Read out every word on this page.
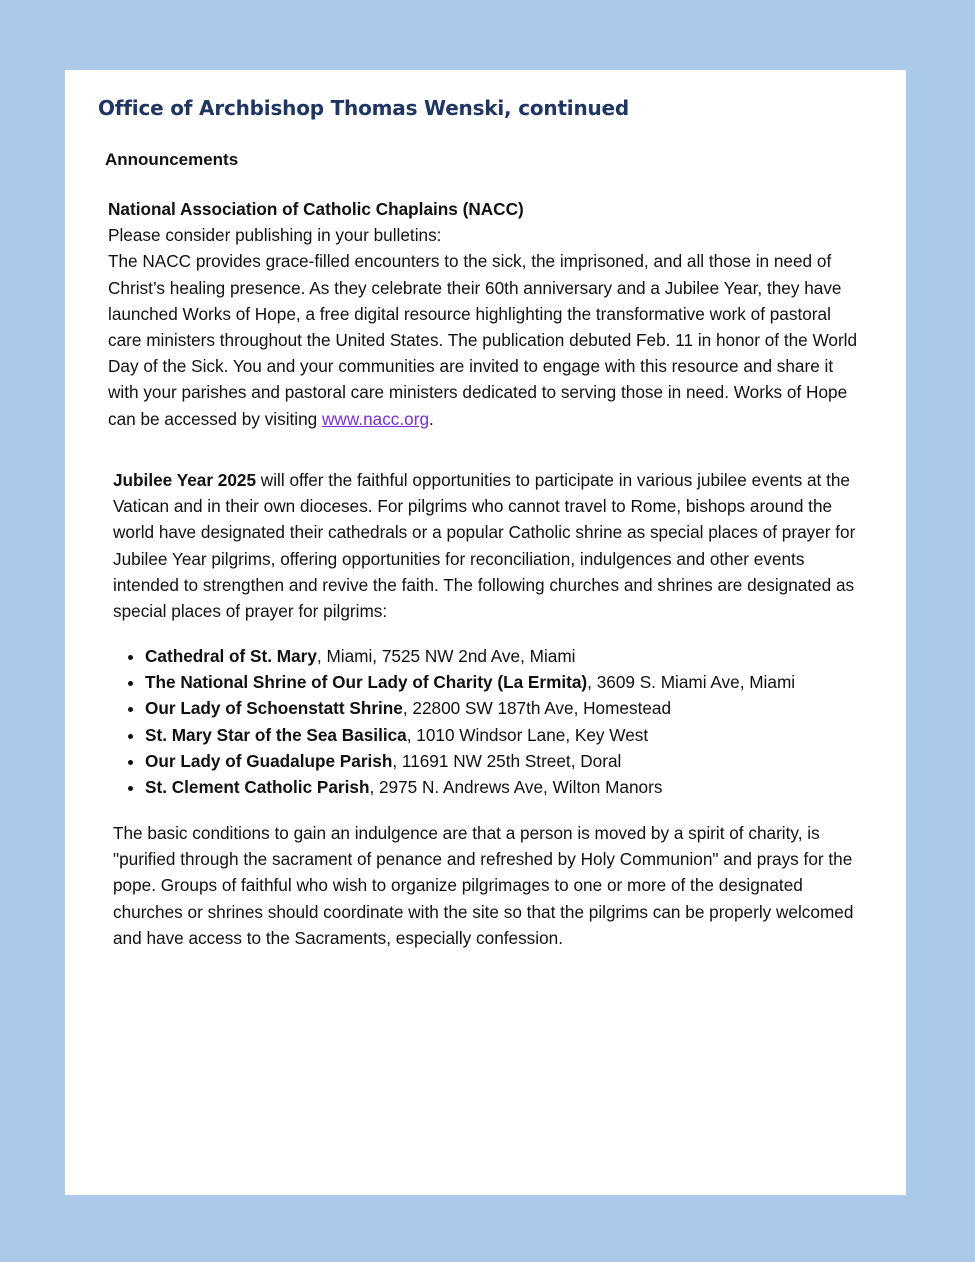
Office of Archbishop Thomas Wenski, continued
Announcements
National Association of Catholic Chaplains (NACC)

Please consider publishing in your bulletins:

The NACC provides grace-filled encounters to the sick, the imprisoned, and all those in need of Christ’s healing presence. As they celebrate their 60th anniversary and a Jubilee Year, they have launched Works of Hope, a free digital resource highlighting the transformative work of pastoral care ministers throughout the United States. The publication debuted Feb. 11 in honor of the World Day of the Sick. You and your communities are invited to engage with this resource and share it with your parishes and pastoral care ministers dedicated to serving those in need. Works of Hope can be accessed by visiting www.nacc.org.

Jubilee Year 2025 will offer the faithful opportunities to participate in various jubilee events at the Vatican and in their own dioceses. For pilgrims who cannot travel to Rome, bishops around the world have designated their cathedrals or a popular Catholic shrine as special places of prayer for Jubilee Year pilgrims, offering opportunities for reconciliation, indulgences and other events intended to strengthen and revive the faith. The following churches and shrines are designated as special places of prayer for pilgrims:

• Cathedral of St. Mary, Miami, 7525 NW 2nd Ave, Miami
• The National Shrine of Our Lady of Charity (La Ermita), 3609 S. Miami Ave, Miami
• Our Lady of Schoenstatt Shrine, 22800 SW 187th Ave, Homestead
• St. Mary Star of the Sea Basilica, 1010 Windsor Lane, Key West
• Our Lady of Guadalupe Parish, 11691 NW 25th Street, Doral
• St. Clement Catholic Parish, 2975 N. Andrews Ave, Wilton Manors

The basic conditions to gain an indulgence are that a person is moved by a spirit of charity, is "purified through the sacrament of penance and refreshed by Holy Communion" and prays for the pope. Groups of faithful who wish to organize pilgrimages to one or more of the designated churches or shrines should coordinate with the site so that the pilgrims can be properly welcomed and have access to the Sacraments, especially confession.
